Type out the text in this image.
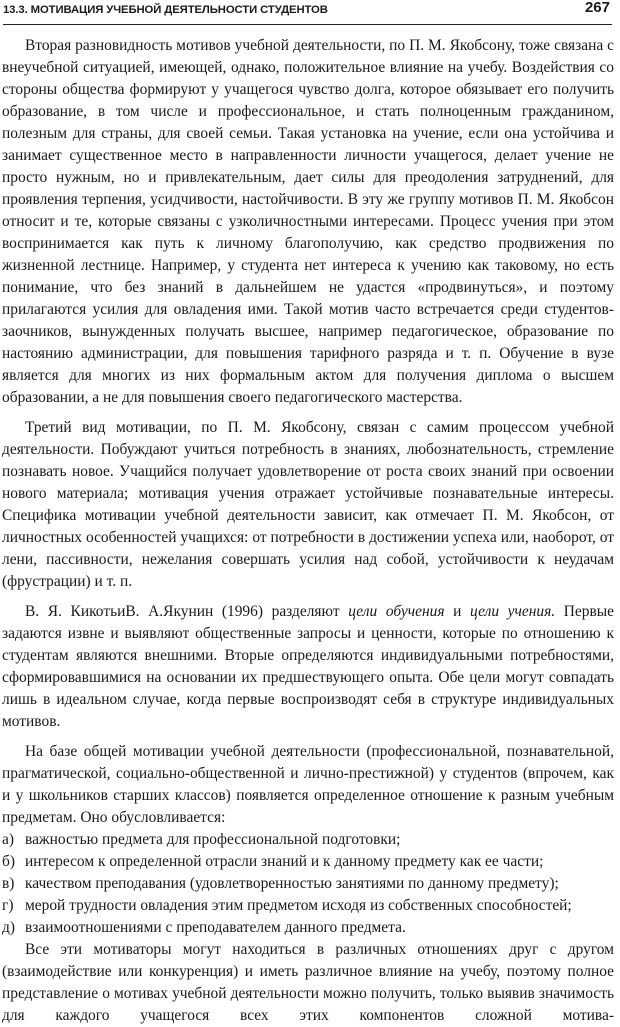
13.3. МОТИВАЦИЯ УЧЕБНОЙ ДЕЯТЕЛЬНОСТИ СТУДЕНТОВ	267

Вторая разновидность мотивов учебной деятельности, по П. М. Якобсону, тоже связана с внеучебной ситуацией, имеющей, однако, положительное влияние на учебу. Воздействия со стороны общества формируют у учащегося чувство долга, которое обязывает его получить образование, в том числе и профессиональное, и стать полноценным гражданином, полезным для страны, для своей семьи. Такая установка на учение, если она устойчива и занимает существенное место в направленности личности учащегося, делает учение не просто нужным, но и привлекательным, дает силы для преодоления затруднений, для проявления терпения, усидчивости, настойчивости. В эту же группу мотивов П. М. Якобсон относит и те, которые связаны с узколичностными интересами. Процесс учения при этом воспринимается как путь к личному благополучию, как средство продвижения по жизненной лестнице. Например, у студента нет интереса к учению как таковому, но есть понимание, что без знаний в дальнейшем не удастся «продвинуться», и поэтому прилагаются усилия для овладения ими. Такой мотив часто встречается среди студентов-заочников, вынужденных получать высшее, например педагогическое, образование по настоянию администрации, для повышения тарифного разряда и т. п. Обучение в вузе является для многих из них формальным актом для получения диплома о высшем образовании, а не для повышения своего педагогического мастерства.

Третий вид мотивации, по П. М. Якобсону, связан с самим процессом учебной деятельности. Побуждают учиться потребность в знаниях, любознательность, стремление познавать новое. Учащийся получает удовлетворение от роста своих знаний при освоении нового материала; мотивация учения отражает устойчивые познавательные интересы. Специфика мотивации учебной деятельности зависит, как отмечает П. М. Якобсон, от личностных особенностей учащихся: от потребности в достижении успеха или, наоборот, от лени, пассивности, нежелания совершать усилия над собой, устойчивости к неудачам (фрустрации) и т. п.

В. Я. КикотьиВ. А.Якунин (1996) разделяют цели обучения и цели учения. Первые задаются извне и выявляют общественные запросы и ценности, которые по отношению к студентам являются внешними. Вторые определяются индивидуальными потребностями, сформировавшимися на основании их предшествующего опыта. Обе цели могут совпадать лишь в идеальном случае, когда первые воспроизводят себя в структуре индивидуальных мотивов.

На базе общей мотивации учебной деятельности (профессиональной, познавательной, прагматической, социально-общественной и лично-престижной) у студентов (впрочем, как и у школьников старших классов) появляется определенное отношение к разным учебным предметам. Оно обусловливается:

а) важностью предмета для профессиональной подготовки;

б) интересом к определенной отрасли знаний и к данному предмету как ее части;

в) качеством преподавания (удовлетворенностью занятиями по данному предмету);

г) мерой трудности овладения этим предметом исходя из собственных способностей;

д) взаимоотношениями с преподавателем данного предмета.

Все эти мотиваторы могут находиться в различных отношениях друг с другом (взаимодействие или конкуренция) и иметь различное влияние на учебу, поэтому полное представление о мотивах учебной деятельности можно получить, только выявив значимость для каждого учащегося всех этих компонентов сложной мотива-
